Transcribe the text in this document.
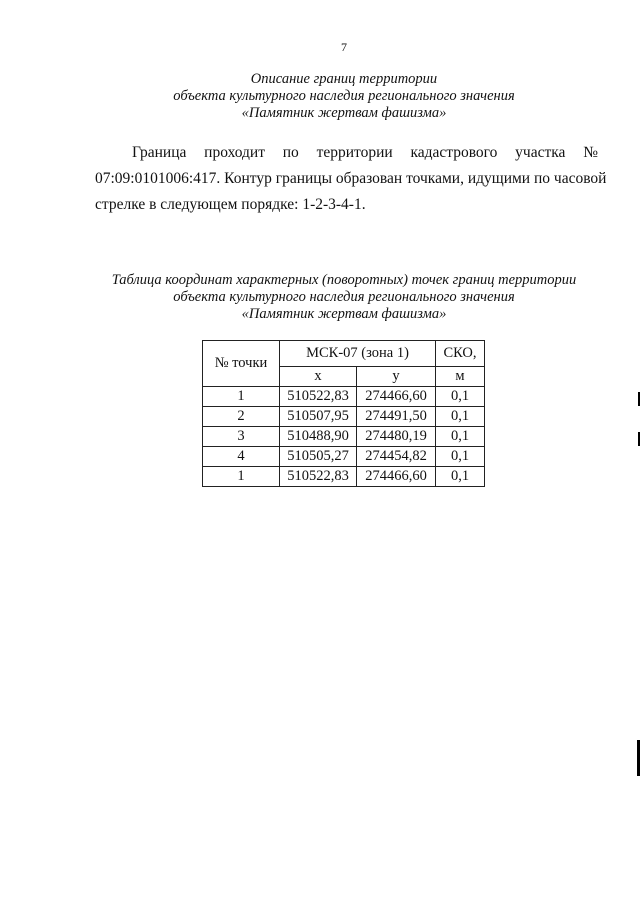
7
Описание границ территории
объекта культурного наследия регионального значения
«Памятник жертвам фашизма»
Граница проходит по территории кадастрового участка №
07:09:0101006:417. Контур границы образован точками, идущими по часовой
стрелке в следующем порядке: 1-2-3-4-1.
Таблица координат характерных (поворотных) точек границ территории
объекта культурного наследия регионального значения
«Памятник жертвам фашизма»
№ точки	МСК-07 (зона 1)		СКО,
	х	у	м
1	510522,83	274466,60	0,1
2	510507,95	274491,50	0,1
3	510488,90	274480,19	0,1
4	510505,27	274454,82	0,1
1	510522,83	274466,60	0,1
